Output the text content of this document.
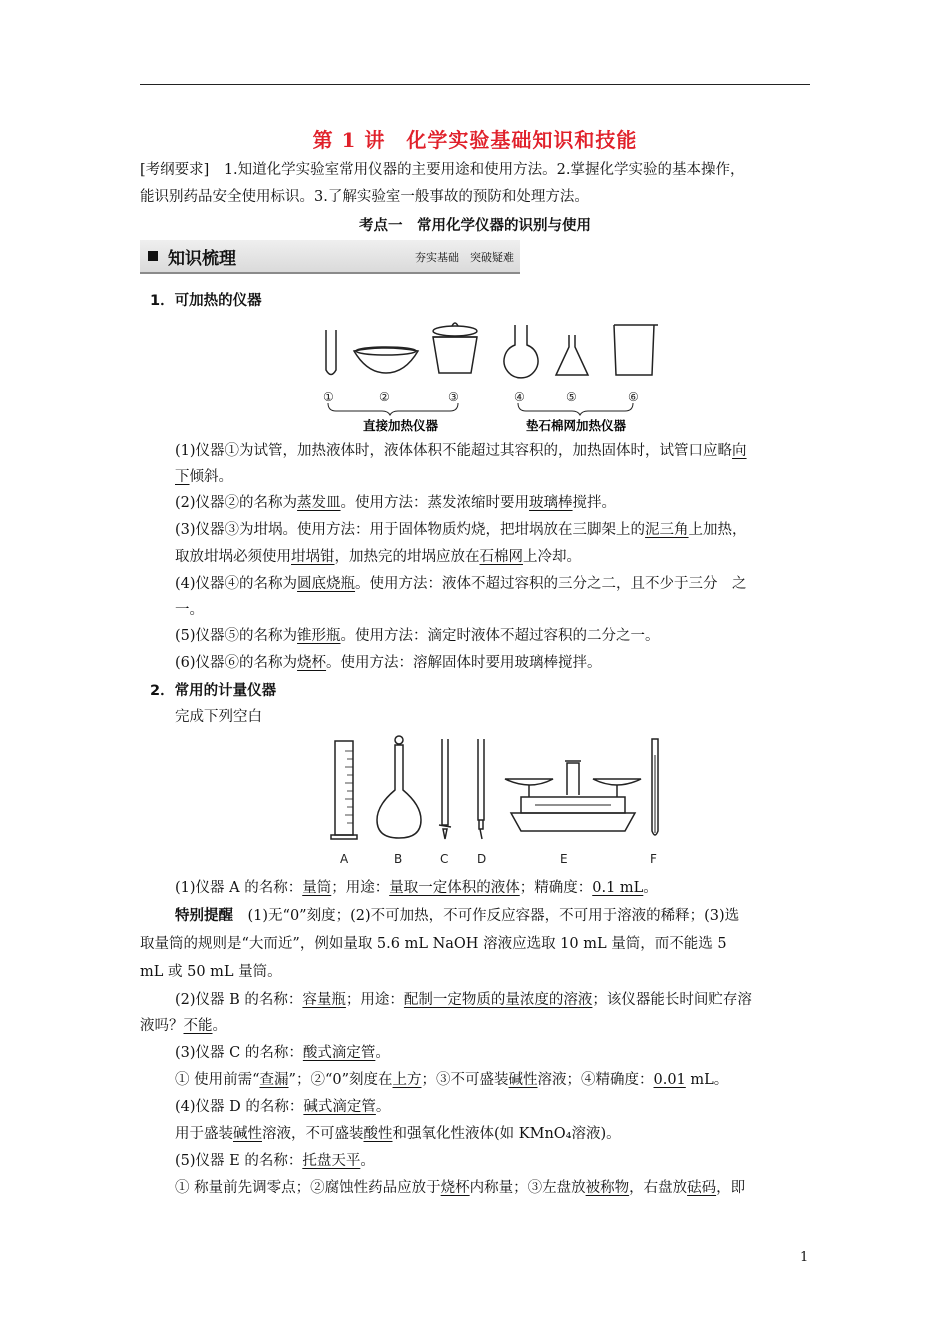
第 1 讲　化学实验基础知识和技能
[考纲要求]　 1.知道化学实验室常用仪器的主要用途和使用方法。2.掌握化学实验的基本操作，
能识别药品安全使用标识。3.了解实验室一般事故的预防和处理方法。
考点一　常用化学仪器的识别与使用
知识梳理	夯实基础　突破疑难
1．可加热的仪器
①	②	③	④	⑤	⑥
直接加热仪器	垫石棉网加热仪器
(1)仪器①为试管，加热液体时，液体体积不能超过其容积的，加热固体时，试管口应略向
下倾斜。
(2)仪器②的名称为蒸发皿。使用方法：蒸发浓缩时要用玻璃棒搅拌。
(3)仪器③为坩埚。使用方法：用于固体物质灼烧，把坩埚放在三脚架上的泥三角上加热，
取放坩埚必须使用坩埚钳，加热完的坩埚应放在石棉网上冷却。
(4)仪器④的名称为圆底烧瓶。使用方法：液体不超过容积的三分之二，且不少于三分　之
一。
(5)仪器⑤的名称为锥形瓶。使用方法：滴定时液体不超过容积的二分之一。
(6)仪器⑥的名称为烧杯。使用方法：溶解固体时要用玻璃棒搅拌。
2．常用的计量仪器
完成下列空白
A	B	C D	E	F
(1)仪器 A 的名称：量筒；用途：量取一定体积的液体；精确度：0.1 mL。
特别提醒　 (1)无“0”刻度；(2)不可加热，不可作反应容器，不可用于溶液的稀释；(3)选
取量筒的规则是“大而近”，例如量取 5.6 mL NaOH 溶液应选取 10 mL 量筒，而不能选 5
mL 或 50 mL 量筒。
(2)仪器 B 的名称：容量瓶；用途：配制一定物质的量浓度的溶液；该仪器能长时间贮存溶
液吗？不能。
(3)仪器 C 的名称：酸式滴定管。
① 使用前需“查漏”；②“0”刻度在上方；③不可盛装碱性溶液；④精确度：0.01 mL。
(4)仪器 D 的名称：碱式滴定管。
用于盛装碱性溶液，不可盛装酸性和强氧化性液体(如 KMnO₄溶液)。
(5)仪器 E 的名称：托盘天平。
① 称量前先调零点；②腐蚀性药品应放于烧杯内称量；③左盘放被称物，右盘放砝码，即
1
